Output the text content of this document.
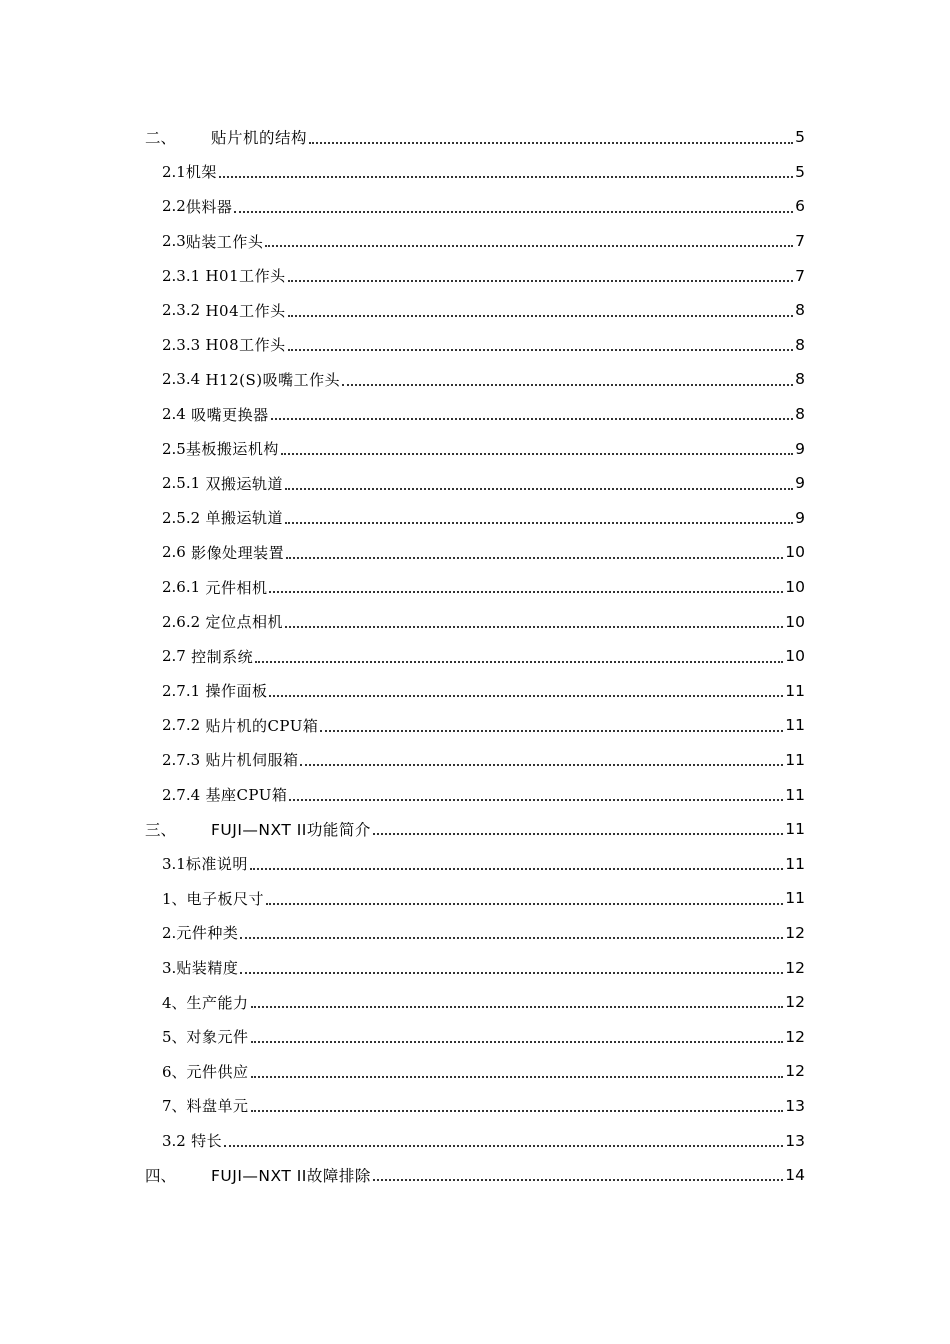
二、	贴片机的结构	5
2.1 机架	5
2.2 供料器	6
2.3 贴装工作头	7
2.3.1 H01工作头	7
2.3.2 H04工作头	8
2.3.3 H08工作头	8
2.3.4 H12(S)吸嘴工作头	8
2.4 吸嘴更换器	8
2.5 基板搬运机构	9
2.5.1 双搬运轨道	9
2.5.2 单搬运轨道	9
2.6 影像处理装置	10
2.6.1 元件相机	10
2.6.2 定位点相机	10
2.7 控制系统	10
2.7.1 操作面板	11
2.7.2 贴片机的CPU箱	11
2.7.3 贴片机伺服箱	11
2.7.4 基座CPU箱	11
三、	FUJI—NXT II功能简介	11
3.1 标准说明	11
1、 电子板尺寸	11
2. 元件种类	12
3. 贴装精度	12
4、 生产能力	12
5、 对象元件	12
6、 元件供应	12
7、 料盘单元	13
3.2 特长	13
四、	FUJI—NXT II故障排除	14
